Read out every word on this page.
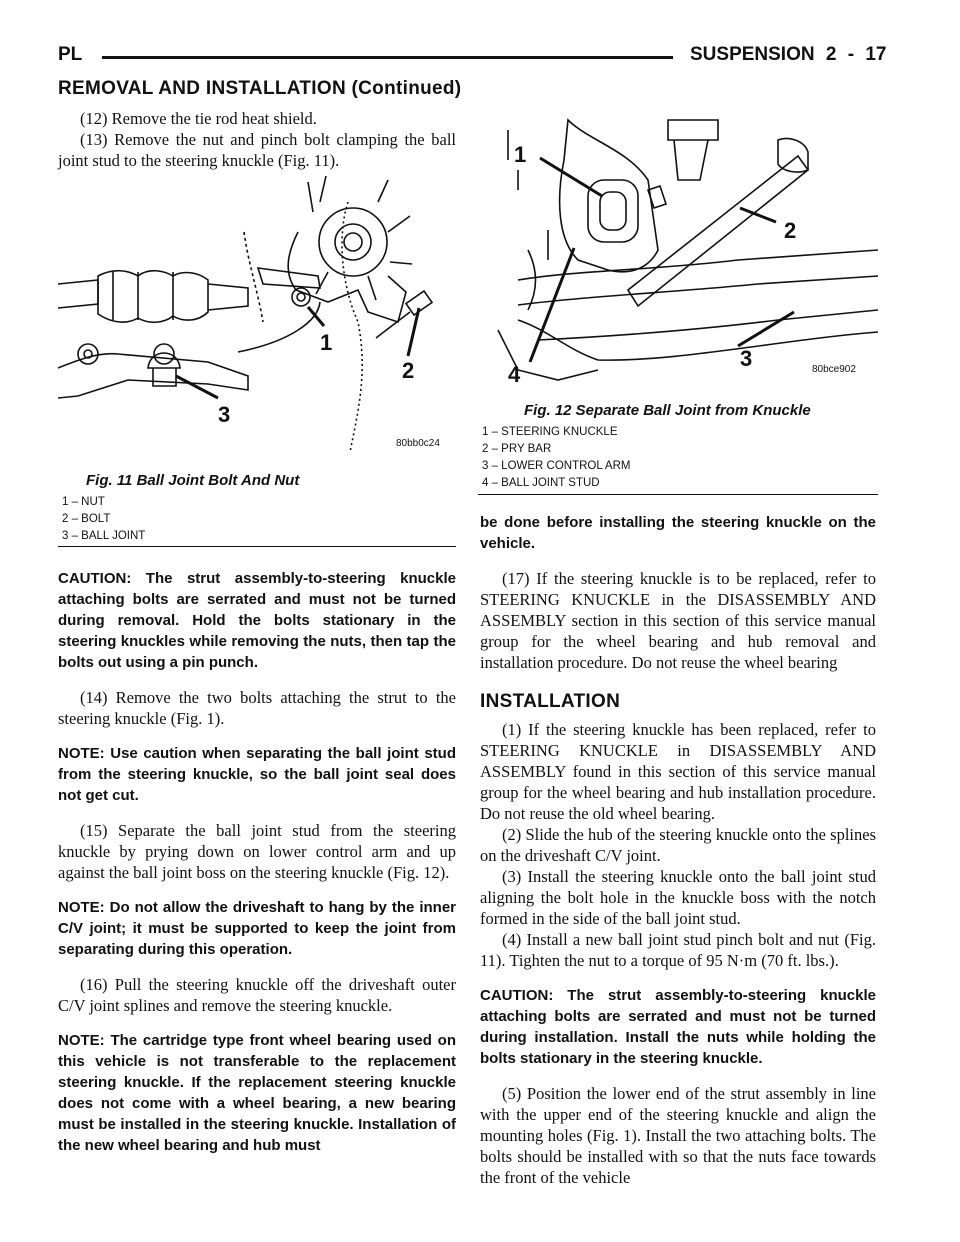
PL	SUSPENSION 2 - 17
REMOVAL AND INSTALLATION (Continued)

(12) Remove the tie rod heat shield.

(13) Remove the nut and pinch bolt clamping the ball joint stud to the steering knuckle (Fig. 11).

1
2
3
80bb0c24
Fig. 11 Ball Joint Bolt And Nut
1 – NUT
2 – BOLT
3 – BALL JOINT

CAUTION: The strut assembly-to-steering knuckle attaching bolts are serrated and must not be turned during removal. Hold the bolts stationary in the steering knuckles while removing the nuts, then tap the bolts out using a pin punch.

(14) Remove the two bolts attaching the strut to the steering knuckle (Fig. 1).

NOTE: Use caution when separating the ball joint stud from the steering knuckle, so the ball joint seal does not get cut.

(15) Separate the ball joint stud from the steering knuckle by prying down on lower control arm and up against the ball joint boss on the steering knuckle (Fig. 12).

NOTE: Do not allow the driveshaft to hang by the inner C/V joint; it must be supported to keep the joint from separating during this operation.

(16) Pull the steering knuckle off the driveshaft outer C/V joint splines and remove the steering knuckle.

NOTE: The cartridge type front wheel bearing used on this vehicle is not transferable to the replacement steering knuckle. If the replacement steering knuckle does not come with a wheel bearing, a new bearing must be installed in the steering knuckle. Installation of the new wheel bearing and hub must

1
2
3
4	80bce902
Fig. 12 Separate Ball Joint from Knuckle
1 – STEERING KNUCKLE
2 – PRY BAR
3 – LOWER CONTROL ARM
4 – BALL JOINT STUD

be done before installing the steering knuckle on the vehicle.

(17) If the steering knuckle is to be replaced, refer to STEERING KNUCKLE in the DISASSEMBLY AND ASSEMBLY section in this section of this service manual group for the wheel bearing and hub removal and installation procedure. Do not reuse the wheel bearing

INSTALLATION

(1) If the steering knuckle has been replaced, refer to STEERING KNUCKLE in DISASSEMBLY AND ASSEMBLY found in this section of this service manual group for the wheel bearing and hub installation procedure. Do not reuse the old wheel bearing.

(2) Slide the hub of the steering knuckle onto the splines on the driveshaft C/V joint.

(3) Install the steering knuckle onto the ball joint stud aligning the bolt hole in the knuckle boss with the notch formed in the side of the ball joint stud.

(4) Install a new ball joint stud pinch bolt and nut (Fig. 11). Tighten the nut to a torque of 95 N·m (70 ft. lbs.).

CAUTION: The strut assembly-to-steering knuckle attaching bolts are serrated and must not be turned during installation. Install the nuts while holding the bolts stationary in the steering knuckle.

(5) Position the lower end of the strut assembly in line with the upper end of the steering knuckle and align the mounting holes (Fig. 1). Install the two attaching bolts. The bolts should be installed with so that the nuts face towards the front of the vehicle
